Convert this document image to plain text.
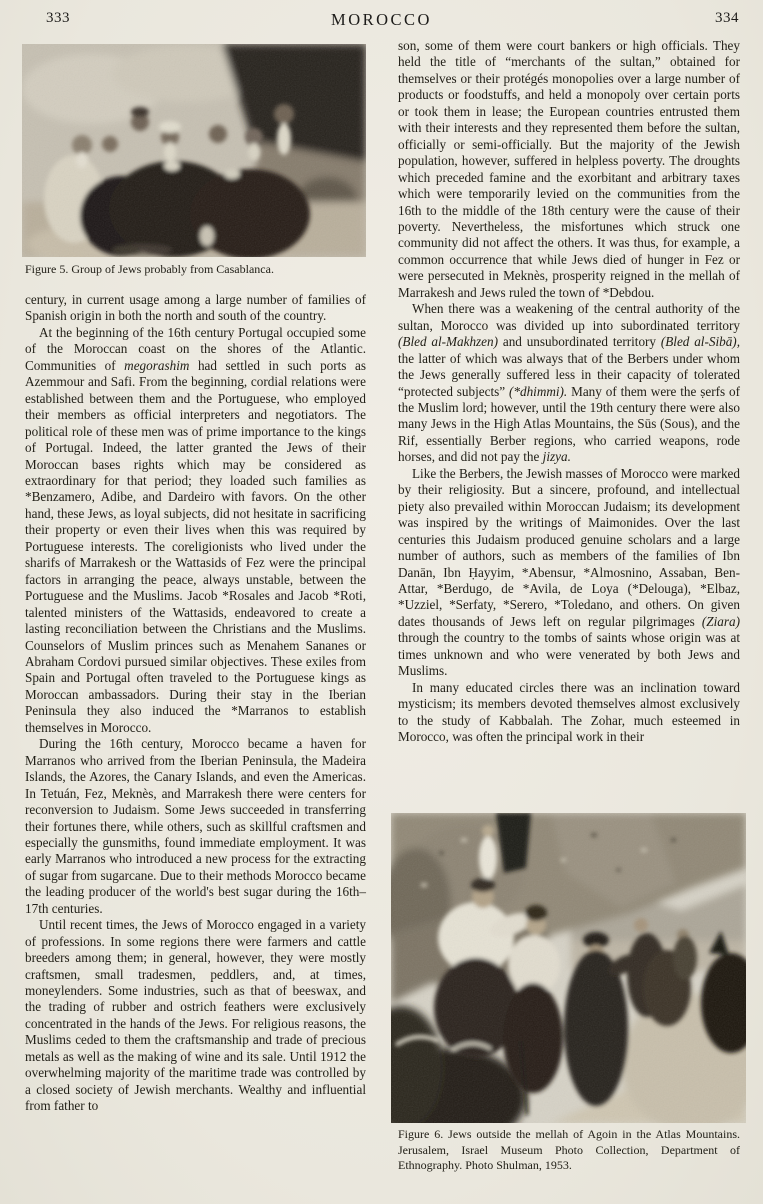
333	MOROCCO	334
Figure 5. Group of Jews probably from Casablanca.

century, in current usage among a large number of families of Spanish origin in both the north and south of the country.

At the beginning of the 16th century Portugal occupied some of the Moroccan coast on the shores of the Atlantic. Communities of megorashim had settled in such ports as Azemmour and Safi. From the beginning, cordial relations were established between them and the Portuguese, who employed their members as official interpreters and negotiators. The political role of these men was of prime importance to the kings of Portugal. Indeed, the latter granted the Jews of their Moroccan bases rights which may be considered as extraordinary for that period; they loaded such families as *Benzamero, Adibe, and Dardeiro with favors. On the other hand, these Jews, as loyal subjects, did not hesitate in sacrificing their property or even their lives when this was required by Portuguese interests. The coreligionists who lived under the sharifs of Marrakesh or the Wattasids of Fez were the principal factors in arranging the peace, always unstable, between the Portuguese and the Muslims. Jacob *Rosales and Jacob *Roti, talented ministers of the Wattasids, endeavored to create a lasting reconciliation between the Christians and the Muslims. Counselors of Muslim princes such as Menahem Sananes or Abraham Cordovi pursued similar objectives. These exiles from Spain and Portugal often traveled to the Portuguese kings as Moroccan ambassadors. During their stay in the Iberian Peninsula they also induced the *Marranos to establish themselves in Morocco.

During the 16th century, Morocco became a haven for Marranos who arrived from the Iberian Peninsula, the Madeira Islands, the Azores, the Canary Islands, and even the Americas. In Tetuán, Fez, Meknès, and Marrakesh there were centers for reconversion to Judaism. Some Jews succeeded in transferring their fortunes there, while others, such as skillful craftsmen and especially the gunsmiths, found immediate employment. It was early Marranos who introduced a new process for the extracting of sugar from sugarcane. Due to their methods Morocco became the leading producer of the world's best sugar during the 16th–17th centuries.

Until recent times, the Jews of Morocco engaged in a variety of professions. In some regions there were farmers and cattle breeders among them; in general, however, they were mostly craftsmen, small tradesmen, peddlers, and, at times, moneylenders. Some industries, such as that of beeswax, and the trading of rubber and ostrich feathers were exclusively concentrated in the hands of the Jews. For religious reasons, the Muslims ceded to them the craftsmanship and trade of precious metals as well as the making of wine and its sale. Until 1912 the overwhelming majority of the maritime trade was controlled by a closed society of Jewish merchants. Wealthy and influential from father to

son, some of them were court bankers or high officials. They held the title of “merchants of the sultan,” obtained for themselves or their protégés monopolies over a large number of products or foodstuffs, and held a monopoly over certain ports or took them in lease; the European countries entrusted them with their interests and they represented them before the sultan, officially or semi-officially. But the majority of the Jewish population, however, suffered in helpless poverty. The droughts which preceded famine and the exorbitant and arbitrary taxes which were temporarily levied on the communities from the 16th to the middle of the 18th century were the cause of their poverty. Nevertheless, the misfortunes which struck one community did not affect the others. It was thus, for example, a common occurrence that while Jews died of hunger in Fez or were persecuted in Meknès, prosperity reigned in the mellah of Marrakesh and Jews ruled the town of *Debdou.

When there was a weakening of the central authority of the sultan, Morocco was divided up into subordinated territory (Bled al-Makhzen) and unsubordinated territory (Bled al-Sibā), the latter of which was always that of the Berbers under whom the Jews generally suffered less in their capacity of tolerated “protected subjects” (*dhimmi). Many of them were the ṣerfs of the Muslim lord; however, until the 19th century there were also many Jews in the High Atlas Mountains, the Sūs (Sous), and the Rif, essentially Berber regions, who carried weapons, rode horses, and did not pay the jizya.

Like the Berbers, the Jewish masses of Morocco were marked by their religiosity. But a sincere, profound, and intellectual piety also prevailed within Moroccan Judaism; its development was inspired by the writings of Maimonides. Over the last centuries this Judaism produced genuine scholars and a large number of authors, such as members of the families of Ibn Danān, Ibn Ḥayyim, *Abensur, *Almosnino, Assaban, Ben-Attar, *Berdugo, de *Avila, de Loya (*Delouga), *Elbaz, *Uzziel, *Serfaty, *Serero, *Toledano, and others. On given dates thousands of Jews left on regular pilgrimages (Ziara) through the country to the tombs of saints whose origin was at times unknown and who were venerated by both Jews and Muslims.

In many educated circles there was an inclination toward mysticism; its members devoted themselves almost exclusively to the study of Kabbalah. The Zohar, much esteemed in Morocco, was often the principal work in their

Figure 6. Jews outside the mellah of Agoin in the Atlas Mountains. Jerusalem, Israel Museum Photo Collection, Department of Ethnography. Photo Shulman, 1953.
